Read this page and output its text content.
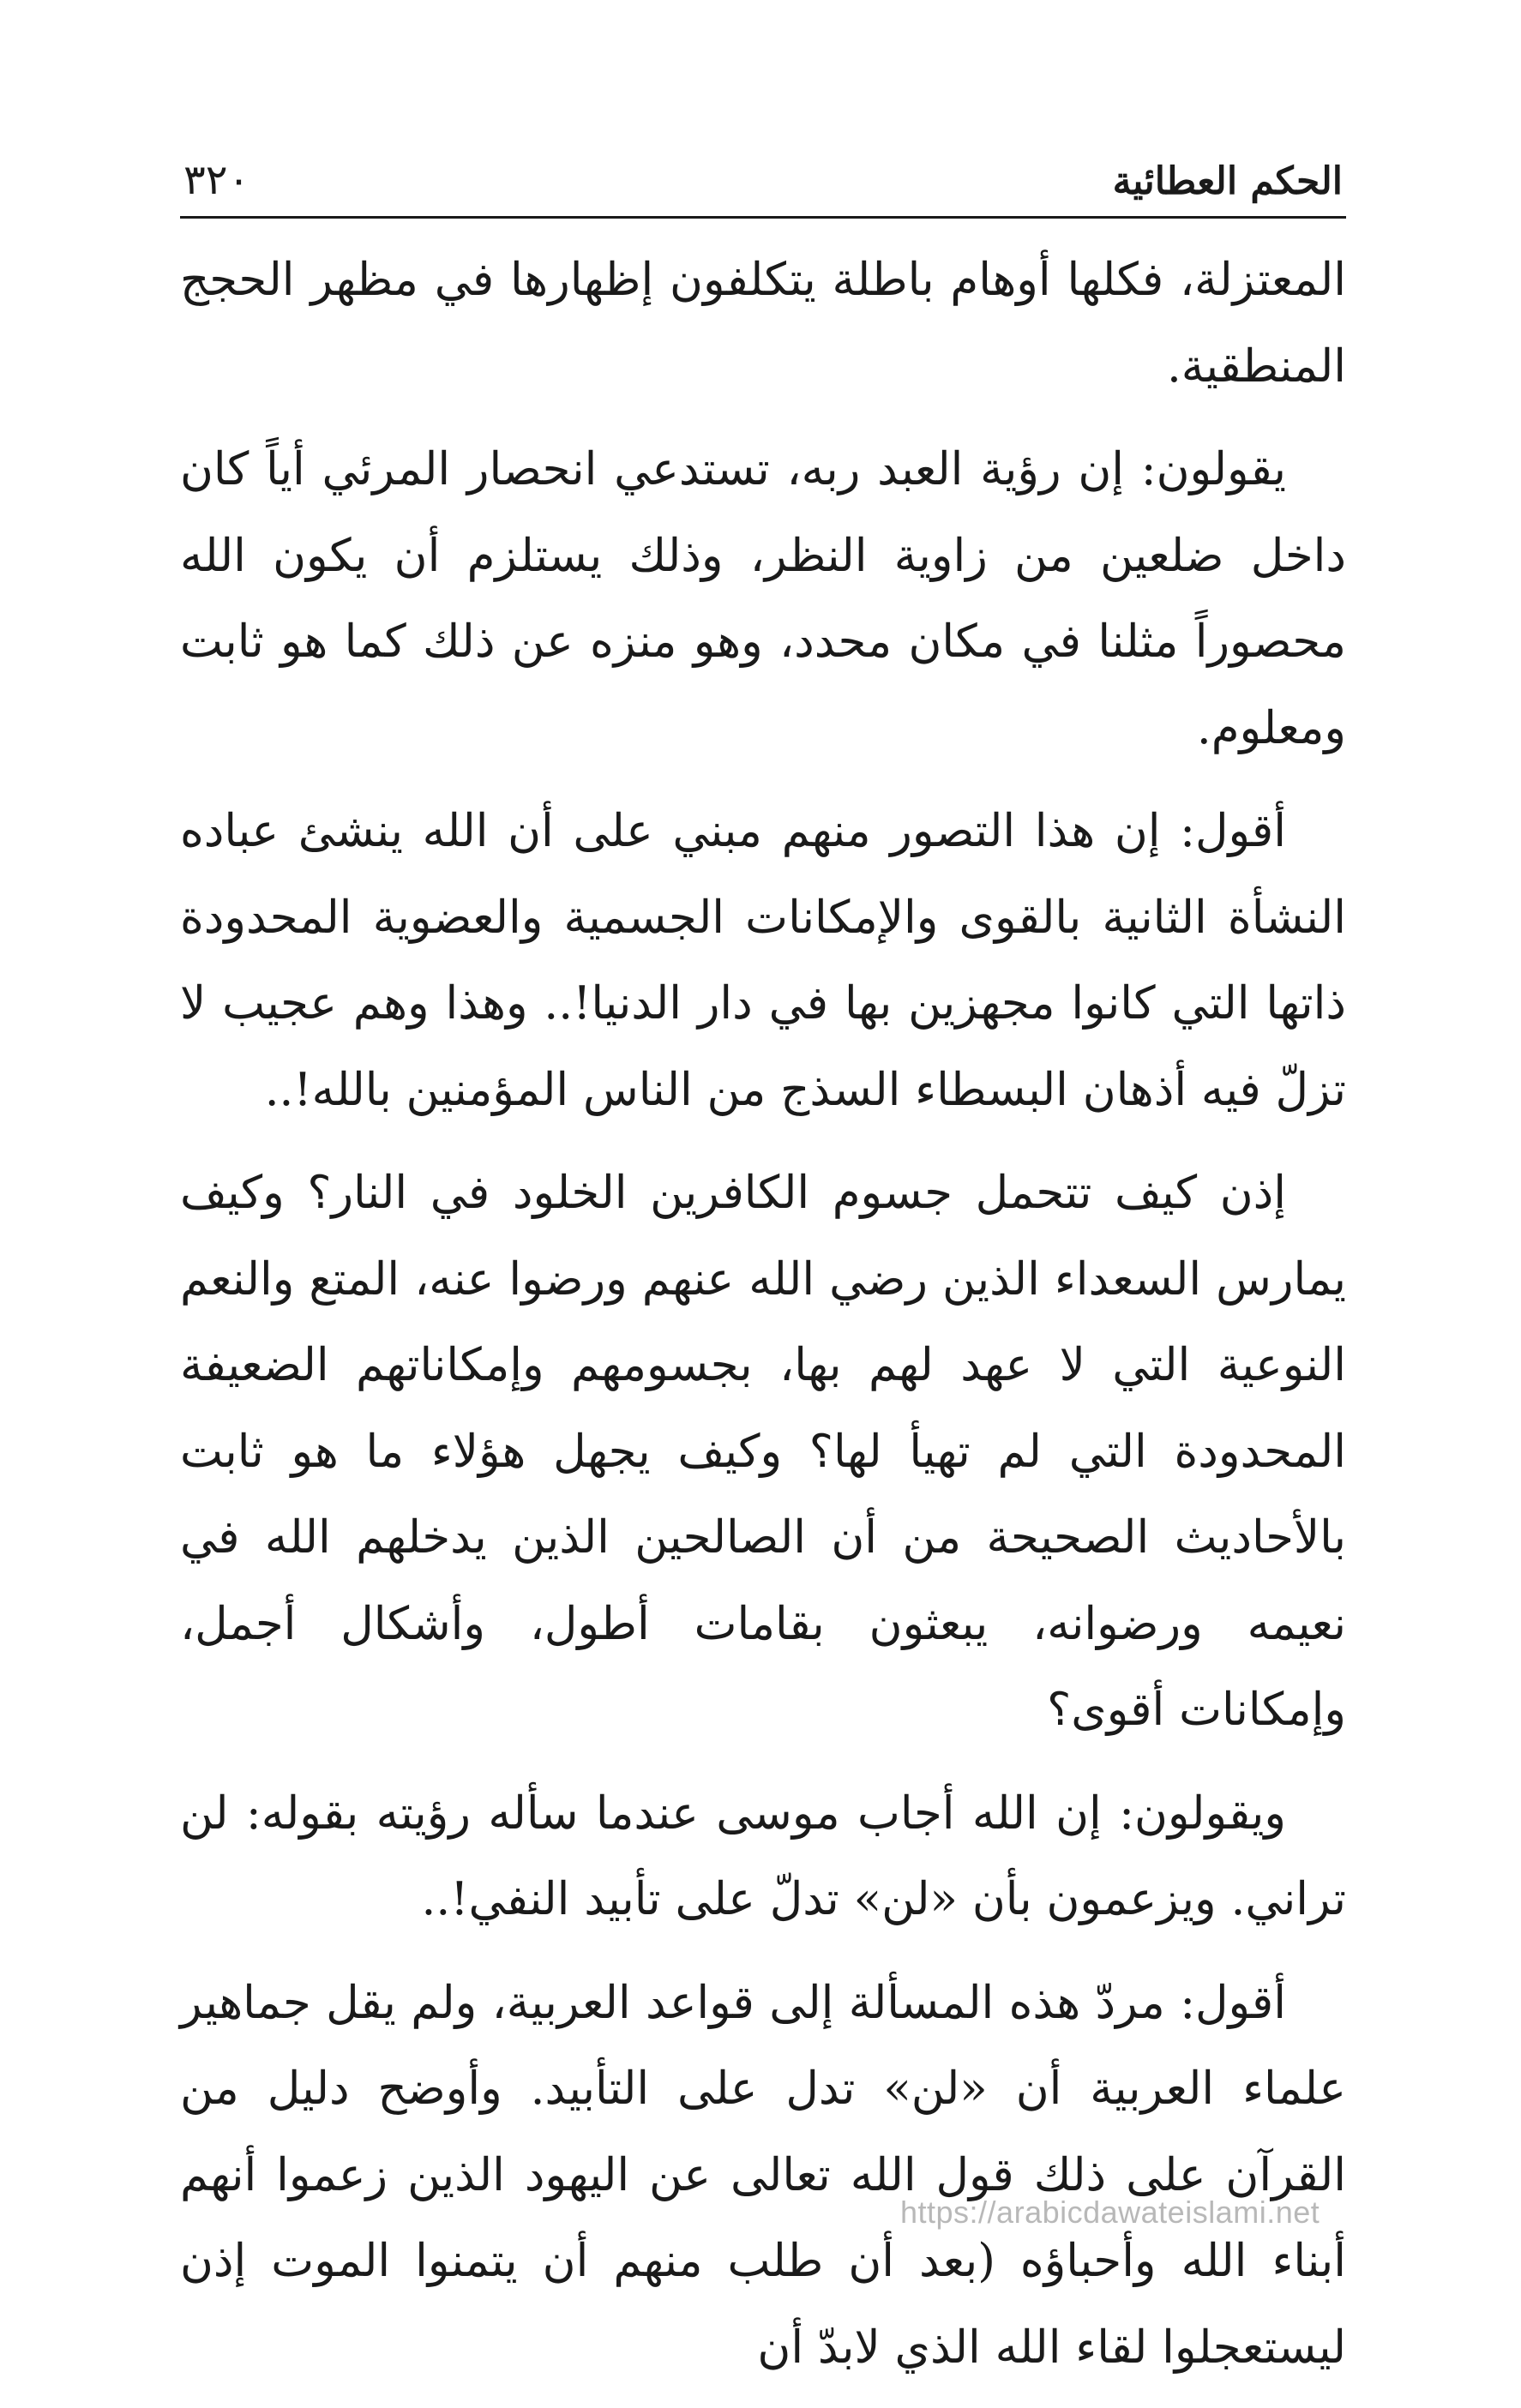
الحكم العطائية
٣٢٠

المعتزلة، فكلها أوهام باطلة يتكلفون إظهارها في مظهر الحجج المنطقية.

يقولون: إن رؤية العبد ربه، تستدعي انحصار المرئي أياً كان داخل ضلعين من زاوية النظر، وذلك يستلزم أن يكون الله محصوراً مثلنا في مكان محدد، وهو منزه عن ذلك كما هو ثابت ومعلوم.

أقول: إن هذا التصور منهم مبني على أن الله ينشئ عباده النشأة الثانية بالقوى والإمكانات الجسمية والعضوية المحدودة ذاتها التي كانوا مجهزين بها في دار الدنيا!.. وهذا وهم عجيب لا تزلّ فيه أذهان البسطاء السذج من الناس المؤمنين بالله!..

إذن كيف تتحمل جسوم الكافرين الخلود في النار؟ وكيف يمارس السعداء الذين رضي الله عنهم ورضوا عنه، المتع والنعم النوعية التي لا عهد لهم بها، بجسومهم وإمكاناتهم الضعيفة المحدودة التي لم تهيأ لها؟ وكيف يجهل هؤلاء ما هو ثابت بالأحاديث الصحيحة من أن الصالحين الذين يدخلهم الله في نعيمه ورضوانه، يبعثون بقامات أطول، وأشكال أجمل، وإمكانات أقوى؟

ويقولون: إن الله أجاب موسى عندما سأله رؤيته بقوله: لن تراني. ويزعمون بأن «لن» تدلّ على تأبيد النفي!..

أقول: مردّ هذه المسألة إلى قواعد العربية، ولم يقل جماهير علماء العربية أن «لن» تدل على التأبيد. وأوضح دليل من القرآن على ذلك قول الله تعالى عن اليهود الذين زعموا أنهم أبناء الله وأحباؤه (بعد أن طلب منهم أن يتمنوا الموت إذن ليستعجلوا لقاء الله الذي لابدّ أن

https://arabicdawateislami.net
